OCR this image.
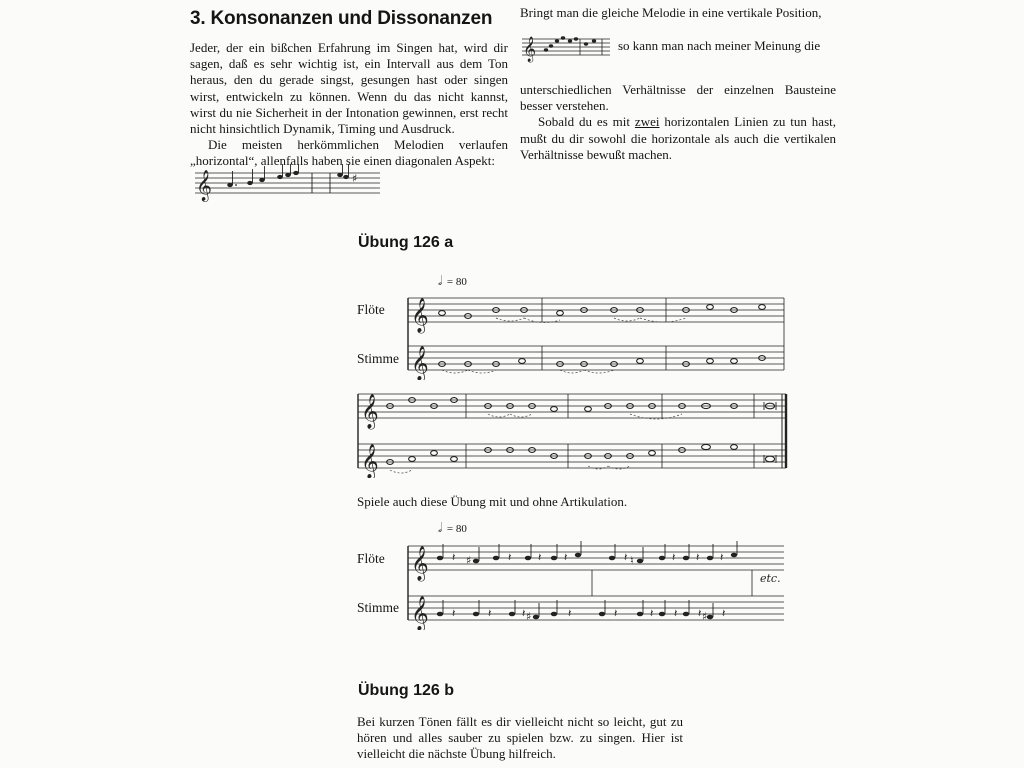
3. Konsonanzen und Dissonanzen

Jeder, der ein bißchen Erfahrung im Singen hat, wird dir sagen, daß es sehr wichtig ist, ein Intervall aus dem Ton heraus, den du gerade singst, gesungen hast oder singen wirst, entwickeln zu können. Wenn du das nicht kannst, wirst du nie Sicherheit in der Intonation gewinnen, erst recht nicht hinsichtlich Dynamik, Timing und Ausdruck.

Die meisten herkömmlichen Melodien verlaufen „horizontal“, allenfalls haben sie einen diagonalen Aspekt:

𝄞	♯
Bringt man die gleiche Melodie in eine vertikale Position,
𝄞	so kann man nach meiner Meinung die

unterschiedlichen Verhältnisse der einzelnen Bausteine besser verstehen.

Sobald du es mit zwei horizontalen Linien zu tun hast, mußt du dir sowohl die horizontale als auch die vertikalen Verhältnisse bewußt machen.

Übung 126 a
𝅗𝅥 = 80
Flöte
Stimme
𝄞
𝄞
𝄞
𝄞
Spiele auch diese Übung mit und ohne Artikulation.
𝅗𝅥 = 80
Flöte
Stimme
𝄞
𝄞
𝄽	𝄽 𝄽 𝄽	𝄽	𝄽 𝄽 𝄽
𝄽	𝄽	𝄽	𝄽	𝄽	𝄽 𝄽 𝄽 𝄽
♯	♮
♯	♯
etc.
Übung 126 b
Bei kurzen Tönen fällt es dir vielleicht nicht so leicht, gut zu hören und alles sauber zu spielen bzw. zu singen. Hier ist vielleicht die nächste Übung hilfreich.
